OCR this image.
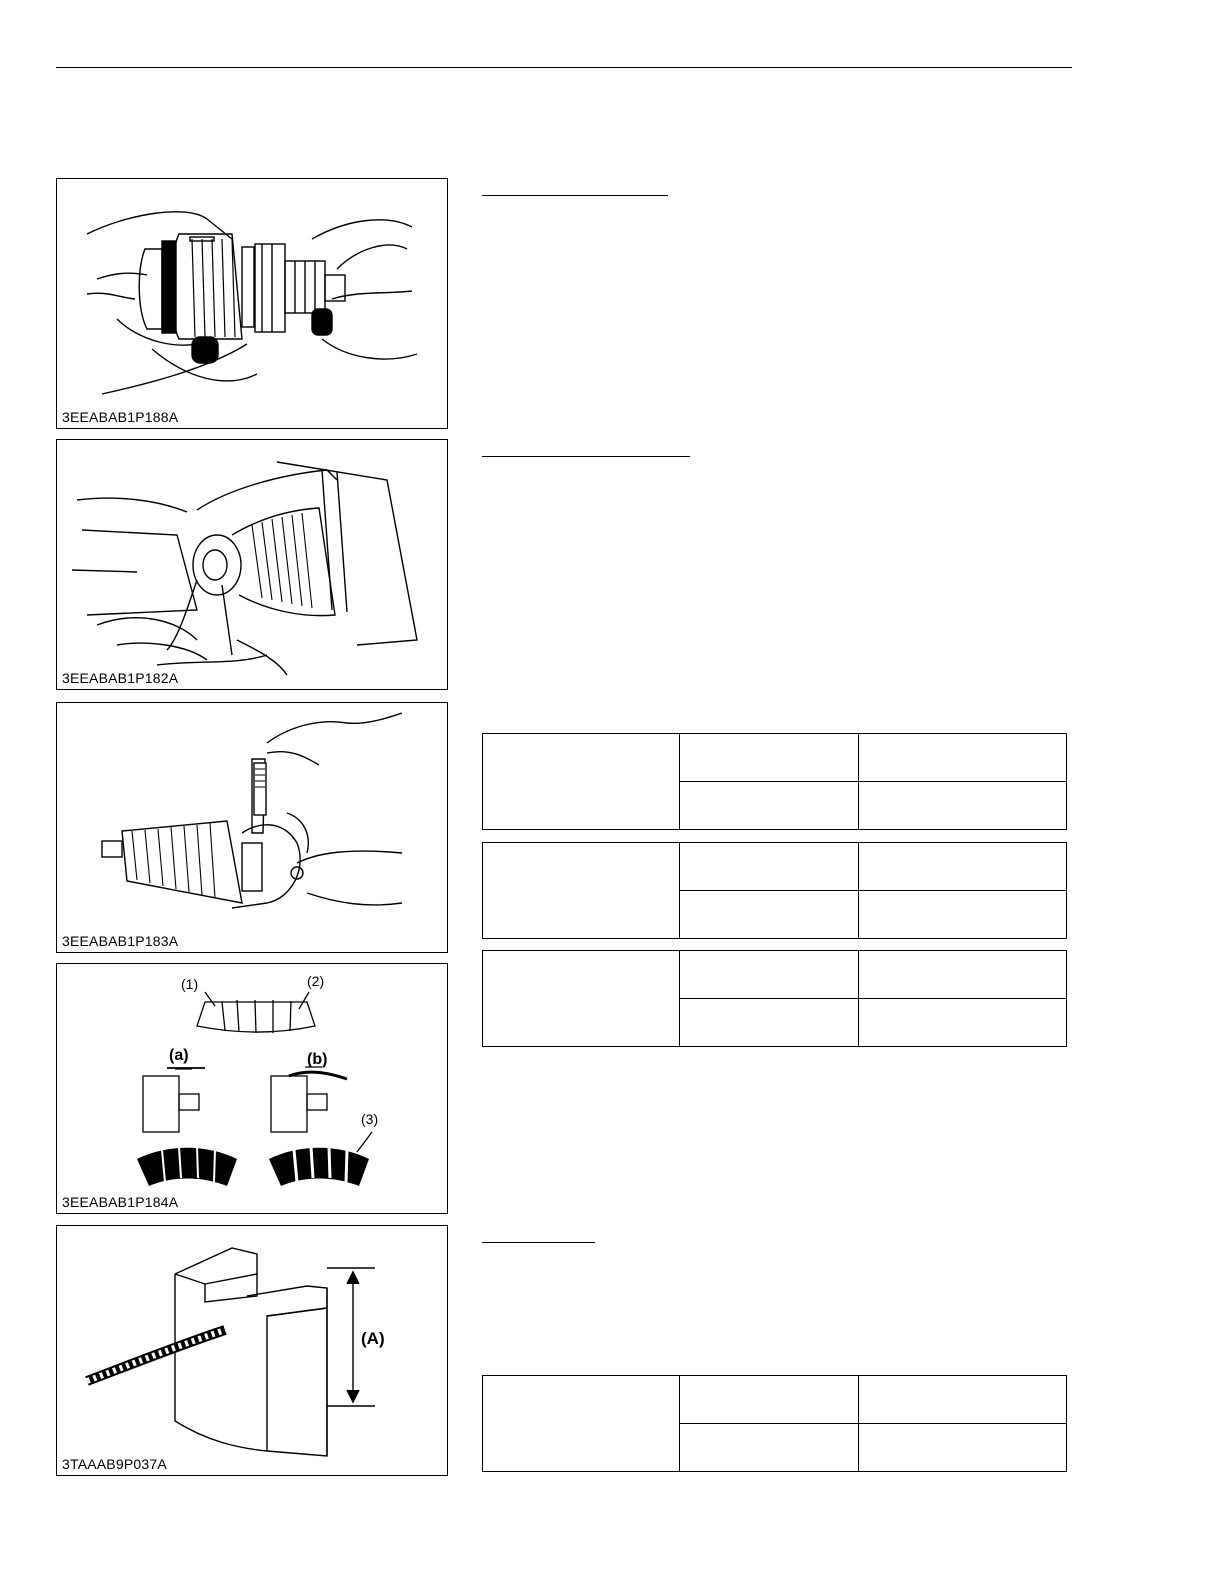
3EEABAB1P188A
3EEABAB1P182A
3EEABAB1P183A
(1)	(2)
(a)	(b)
(3)
3EEABAB1P184A
(A)
3TAAAB9P037A
